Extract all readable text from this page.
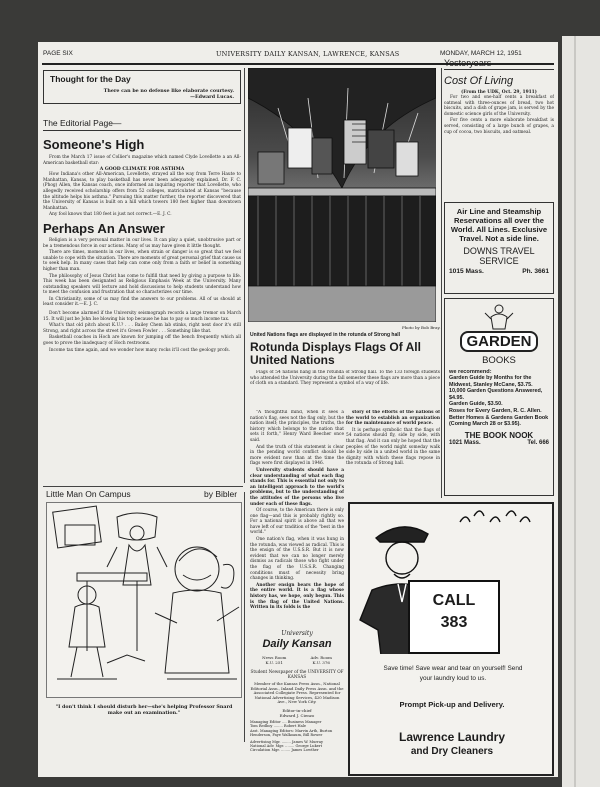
PAGE SIX	UNIVERSITY DAILY KANSAN, LAWRENCE, KANSAS	MONDAY, MARCH 12, 1951
Thought for the Day
There can be no defense like elaborate courtesy.
—Edward Lucas.
The Editorial Page—
Someone's High
From the March 17 issue of Collier's magazine which named Clyde Lovellette a an All-American basketball star:
A GOOD CLIMATE FOR ASTHMA
How Indiana's other All-American, Lovellette, strayed all the way from Terre Haute to Manhattan, Kansas, to play basketball has never been adequately explained. Dr. F. C. (Phog) Allen, the Kansas coach, once informed an inquiring reporter that Lovellette, who allegedly received scholarship offers from 52 colleges, matriculated at Kansas "because the altitude helps his asthma." Pursuing this matter further, the reporter discovered that the University of Kansas is built on a hill which towers 180 feet higher than downtown Manhattan.
Any fool knows that 180 feet is just not correct.—E. J. C.
Perhaps An Answer
Religion is a very personal matter in our lives. It can play a quiet, unobtrusive part or be a tremendous force in our actions. Many of us may have given it little thought.
There are times, moments in our lives, when strain or danger is so great that we feel unable to cope with the situation. There are moments of great personal grief that cause us to seek help. In many cases that help can come only from a faith or belief in something higher than man.
The philosophy of Jesus Christ has come to fulfill that need by giving a purpose to life. This week has been designated as Religious Emphasis Week at the University. Many outstanding speakers will lecture and hold discussions to help students understand how to meet the confusion and frustration that so characterizes our time.
In Christianity, some of us may find the answers to our problems. All of us should at least consider it.—E. J. C.
Don't become alarmed if the University seismograph records a large tremor on March 15. It will just be John Ise blowing his top because he has to pay so much income tax.
What's that old pitch about K.U.? . . . Bailey Chem lab stinks, right next door it's still Strong, and right across the street it's Green Fowler . . . Something like that.
Basketball coaches in Hoch are known for jumping off the bench frequently which all goes to prove the inadequacy of Hoch restrooms.
Income tax time again, and we wonder how many rocks it'll cost the geology profs.
Little Man On Campus	by Bibler
"I don't think I should disturb her—she's helping Professor Snard make out an examination."
Photo by Bob Bray.
United Nations flags are displayed in the rotunda of Strong hall
Rotunda Displays Flags Of All United Nations
Flags of 54 nations hang in the rotunda of Strong hall. To the 133 foreign students who attended the University during the fall semester these flags are more than a piece of cloth on a standard. They represent a symbol of a way of life.
"A thoughtful mind, when it sees a nation's flag, sees not the flag only, but the nation itself; the principles, the truths, the history which belongs to the nation that sets it forth," Henry Ward Beecher once said.
And the truth of this statement is clear in the pending world conflict should be more evident now than at the time the flags were first displayed in 1946.
University students should have a clear understanding of what each flag stands for. This is essential not only to an intelligent approach to the world's problems, but to the understanding of the attitudes of the persons who live under each of these flags.
Of course, to the American there is only one flag—and this is probably rightly so. For a national spirit is above all that we have left of our tradition of the "best in the world."
One nation's flag, when it was hung in the rotunda, was viewed as radical. This is the ensign of the U.S.S.R. But it is now evident that we can no longer merely dismiss as radicals those who fight under the flag of the U.S.S.R. Changing conditions must of necessity bring changes in thinking.
Another ensign bears the hope of the entire world. It is a flag whose history has, we hope, only begun. This is the flag of the United Nations. Written in its folds is the
story of the efforts of the nations of the world to establish an organization for the maintenance of world peace.
It is perhaps symbolic that the flags of 54 nations should fly, side by side, with that flag. And it can only be hoped that the peoples of the world might someday walk side by side in a united world in the same dignity with which these flags repose in the rotunda of Strong hall.
University
Daily Kansan
News Room
K.U. 251
Adv. Room
K.U. 376
Student Newspaper of the UNIVERSITY OF KANSAS
Member of the Kansas Press Assn., National Editorial Assn., Inland Daily Press Assn. and the Associated Collegiate Press. Represented for National Advertising Services, 420 Madison Ave., New York City.
Editor-in-chief
Edward J. Cienzo
Managing Editor .... Business Manager
Tom Redboy ........ Robert Hale
Asst. Managing Editors: Marvin Arth, Burton Henderson, Faye Walkoaum, Bill Rower
Advertising Mgr. ........ James W. Murray
National Adv. Mgr. ........ George Lukert
Circulation Mgr. ........ James Lowther
Yesteryears
Cost Of Living
(From the UDK, Oct. 29, 1911)
For two and one-half cents a breakfast of oatmeal with three-ounces of bread, two hot biscuits, and a dish of grape jam, is served by the domestic science girls of the University.
For five cents a more elaborate breakfast is served, consisting of a large bunch of grapes, a cup of cocoa, two biscuits, and oatmeal.
Air Line and Steamship Reservations all over the World. All Lines. Exclusive Travel. Not a side line.
DOWNS TRAVEL SERVICE
1015 Mass.	Ph. 3661
GARDEN
BOOKS
we recommend:
Garden Guide by Months for the Midwest, Stanley McCane, $3.75.
10,000 Garden Questions Answered, $4.95.
Garden Guide, $3.50.
Roses for Every Garden, R. C. Allen.
Better Homes & Gardens Garden Book (Coming March 28 or $3.95).
THE BOOK NOOK
1021 Mass.	Tel. 666
CALL
383
Save time! Save wear and tear on yourself! Send your laundry loud to us.
Prompt Pick-up and Delivery.
Lawrence Laundry
and Dry Cleaners
